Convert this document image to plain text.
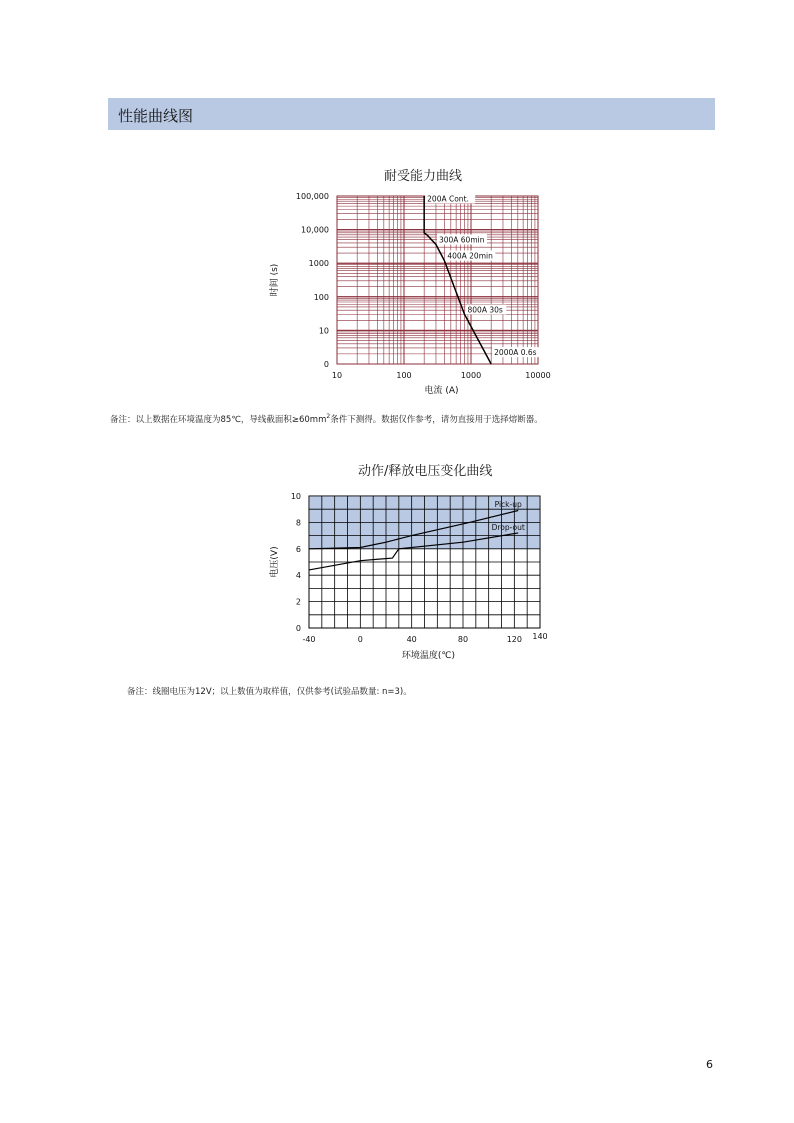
性能曲线图
耐受能力曲线
0
10
100
1000
10,000
100,000
10	100	1000	10000
电流 (A)
时间 (s)
200A Cont.
300A 60min
400A 20min
800A 30s
2000A 0.6s
备注：以上数据在环境温度为85℃，导线截面积$\ge 60mm^2$条件下测得。数据仅作参考，请勿直接用于选择熔断器。
动作/释放电压变化曲线
0
2
4
6
8
10
-40	0	40	80	120 140
环境温度(℃)
电压(V)
Pick-up
Drop-out
备注：线圈电压为12V；以上数值为取样值，仅供参考(试验品数量: n=3)。
6
